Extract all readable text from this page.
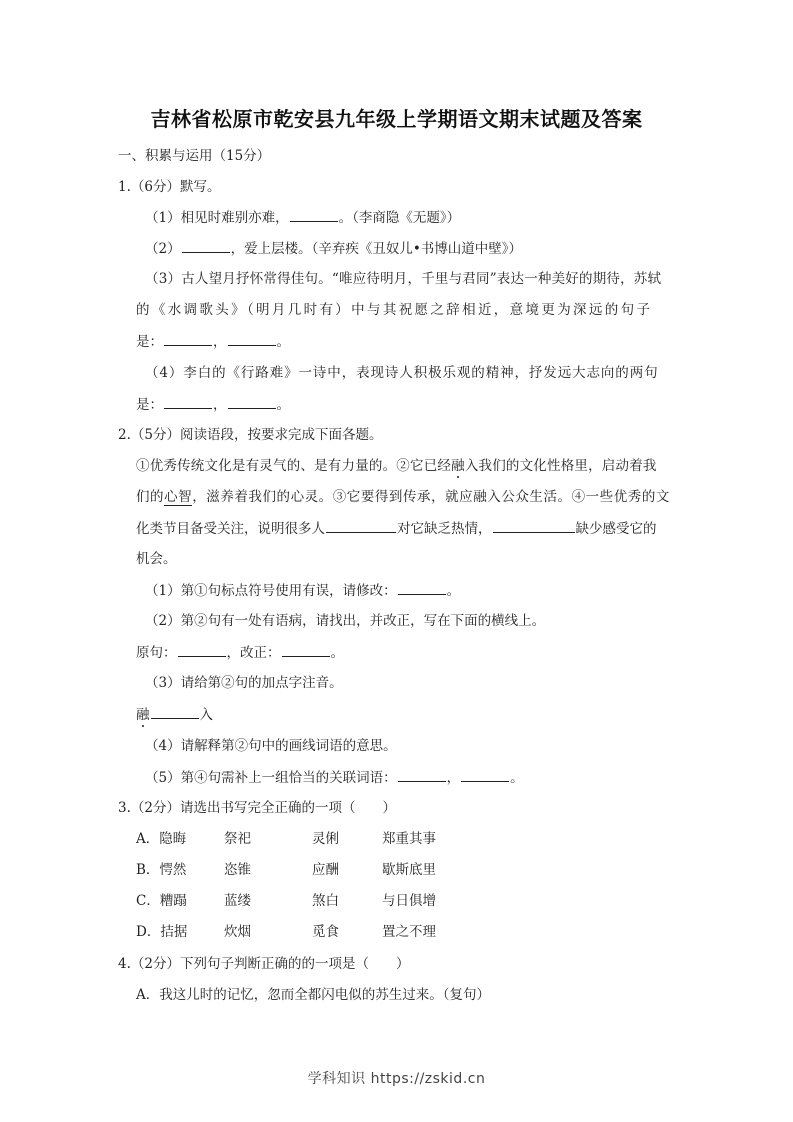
吉林省松原市乾安县九年级上学期语文期末试题及答案
一、积累与运用（15分）
1.（6分）默写。
（1）相见时难别亦难，	。（李商隐《无题》）
（2）	，爱上层楼。（辛弃疾《丑奴儿•书博山道中壁》）
（3）古人望月抒怀常得佳句。“唯应待明月，千里与君同”表达一种美好的期待，苏轼
的《水调歌头》（明月几时有）中与其祝愿之辞相近，意境更为深远的句子
是：	，	。
（4）李白的《行路难》一诗中，表现诗人积极乐观的精神，抒发远大志向的两句
是：	，	。
2.（5分）阅读语段，按要求完成下面各题。
①优秀传统文化是有灵气的、是有力量的。②它已经融入我们的文化性格里，启动着我
们的心智，滋养着我们的心灵。③它要得到传承，就应融入公众生活。④一些优秀的文
化类节目备受关注，说明很多人	对它缺乏热情，	缺少感受它的
机会。
（1）第①句标点符号使用有误，请修改：	。
（2）第②句有一处有语病，请找出，并改正，写在下面的横线上。
原句：	，改正：	。
（3）请给第②句的加点字注音。
融	入
（4）请解释第②句中的画线词语的意思。
（5）第④句需补上一组恰当的关联词语：	，	。
3.（2分）请选出书写完全正确的一项（　　）
A．隐晦	祭祀	灵俐	郑重其事
B．愕然	恣锥	应酬	歇斯底里
C．糟蹋	蓝缕	煞白	与日俱增
D．拮据	炊烟	觅食	置之不理
4.（2分）下列句子判断正确的的一项是（　　）
A．我这儿时的记忆，忽而全都闪电似的苏生过来。（复句）
学科知识 https://zskid.cn
